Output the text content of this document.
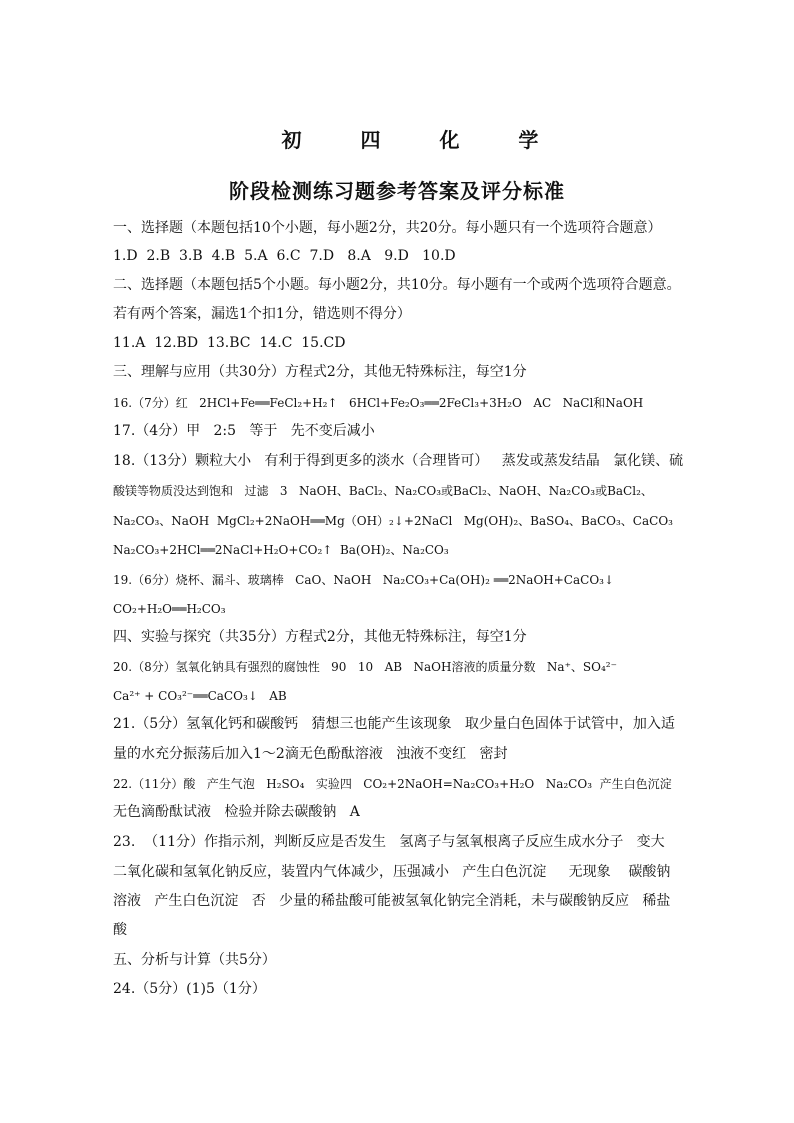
初 四 化 学
阶段检测练习题参考答案及评分标准
一、选择题（本题包括10个小题，每小题2分，共20分。每小题只有一个选项符合题意）
1.D  2.B  3.B  4.B  5.A  6.C  7.D   8.A   9.D   10.D
二、选择题（本题包括5个小题。每小题2分，共10分。每小题有一个或两个选项符合题意。
若有两个答案，漏选1个扣1分，错选则不得分）
11.A  12.BD  13.BC  14.C  15.CD
三、理解与应用（共30分）方程式2分，其他无特殊标注，每空1分
16.（7分）红   2HCl+Fe══FeCl₂+H₂↑   6HCl+Fe₂O₃══2FeCl₃+3H₂O   AC   NaCl和NaOH
17.（4分）甲   2:5   等于   先不变后减小
18.（13分）颗粒大小   有利于得到更多的淡水（合理皆可）   蒸发或蒸发结晶   氯化镁、硫
酸镁等物质没达到饱和   过滤   3   NaOH、BaCl₂、Na₂CO₃或BaCl₂、NaOH、Na₂CO₃或BaCl₂、
Na₂CO₃、NaOH  MgCl₂+2NaOH══Mg（OH）₂↓+2NaCl   Mg(OH)₂、BaSO₄、BaCO₃、CaCO₃
Na₂CO₃+2HCl══2NaCl+H₂O+CO₂↑  Ba(OH)₂、Na₂CO₃
19.（6分）烧杯、漏斗、玻璃棒   CaO、NaOH   Na₂CO₃+Ca(OH)₂ ══2NaOH+CaCO₃↓
CO₂+H₂O══H₂CO₃
四、实验与探究（共35分）方程式2分，其他无特殊标注，每空1分
20.（8分）氢氧化钠具有强烈的腐蚀性   90   10   AB   NaOH溶液的质量分数   Na⁺、SO₄²⁻
Ca²⁺ + CO₃²⁻══CaCO₃↓   AB
21.（5分）氢氧化钙和碳酸钙   猜想三也能产生该现象   取少量白色固体于试管中，加入适
量的水充分振荡后加入1～2滴无色酚酞溶液   浊液不变红   密封
22.（11分）酸   产生气泡   H₂SO₄   实验四   CO₂+2NaOH=Na₂CO₃+H₂O   Na₂CO₃  产生白色沉淀
无色滴酚酞试液   检验并除去碳酸钠   A
23.  （11分）作指示剂，判断反应是否发生   氢离子与氢氧根离子反应生成水分子   变大
二氧化碳和氢氧化钠反应，装置内气体减少，压强减小   产生白色沉淀     无现象    碳酸钠
溶液   产生白色沉淀   否   少量的稀盐酸可能被氢氧化钠完全消耗，未与碳酸钠反应   稀盐
酸
五、分析与计算（共5分）
24.（5分）(1)5（1分）
